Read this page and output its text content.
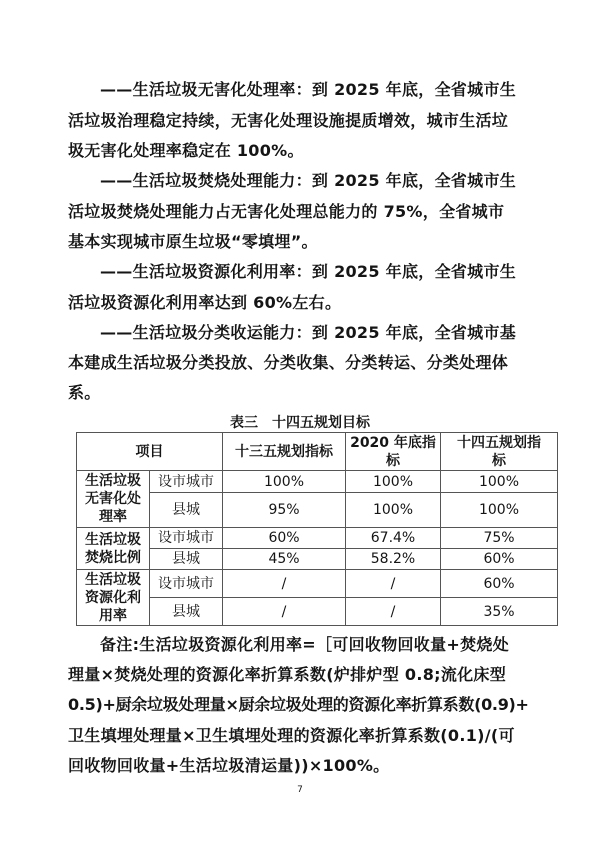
——生活垃圾无害化处理率：到 2025 年底，全省城市生
活垃圾治理稳定持续，无害化处理设施提质增效，城市生活垃
圾无害化处理率稳定在 100%。
——生活垃圾焚烧处理能力：到 2025 年底，全省城市生
活垃圾焚烧处理能力占无害化处理总能力的 75%，全省城市
基本实现城市原生垃圾“零填埋”。
——生活垃圾资源化利用率：到 2025 年底，全省城市生
活垃圾资源化利用率达到 60%左右。
——生活垃圾分类收运能力：到 2025 年底，全省城市基
本建成生活垃圾分类投放、分类收集、分类转运、分类处理体
系。
表三　十四五规划目标
项目		十三五规划指标	2020 年底指标	十四五规划指标
生活垃圾无害化处理率	设市城市	100%	100%	100%
	县城	95%	100%	100%
生活垃圾焚烧比例	设市城市	60%	67.4%	75%
	县城	45%	58.2%	60%
生活垃圾资源化利用率	设市城市	/	/	60%
	县城	/	/	35%
备注:生活垃圾资源化利用率=［可回收物回收量+焚烧处
理量×焚烧处理的资源化率折算系数(炉排炉型 0.8;流化床型
0.5)+厨余垃圾处理量×厨余垃圾处理的资源化率折算系数(0.9)+
卫生填埋处理量×卫生填埋处理的资源化率折算系数(0.1)/(可
回收物回收量+生活垃圾清运量))×100%。
7
